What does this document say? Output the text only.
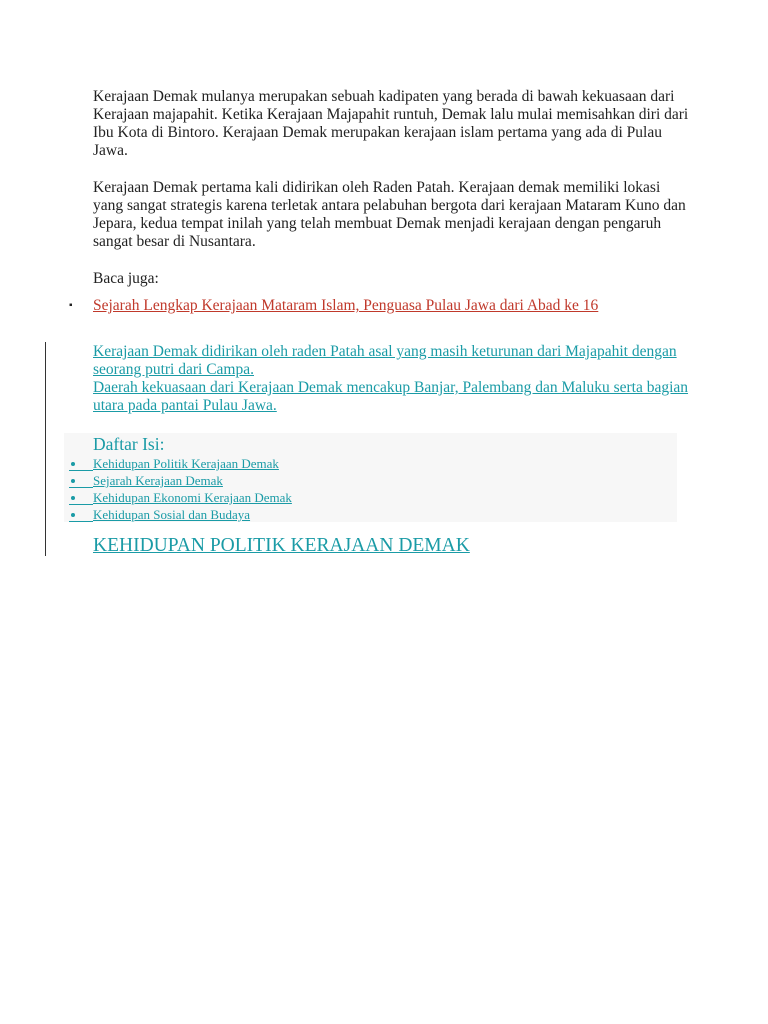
Kerajaan Demak mulanya merupakan sebuah kadipaten yang berada di bawah kekuasaan dari Kerajaan majapahit. Ketika Kerajaan Majapahit runtuh, Demak lalu mulai memisahkan diri dari Ibu Kota di Bintoro. Kerajaan Demak merupakan kerajaan islam pertama yang ada di Pulau Jawa.

Kerajaan Demak pertama kali didirikan oleh Raden Patah. Kerajaan demak memiliki lokasi yang sangat strategis karena terletak antara pelabuhan bergota dari kerajaan Mataram Kuno dan Jepara, kedua tempat inilah yang telah membuat Demak menjadi kerajaan dengan pengaruh sangat besar di Nusantara.

Baca juga:

▪ Sejarah Lengkap Kerajaan Mataram Islam, Penguasa Pulau Jawa dari Abad ke 16
Kerajaan Demak didirikan oleh raden Patah asal yang masih keturunan dari Majapahit dengan seorang putri dari Campa.
Daerah kekuasaan dari Kerajaan Demak mencakup Banjar, Palembang dan Maluku serta bagian utara pada pantai Pulau Jawa.
Daftar Isi:
Kehidupan Politik Kerajaan Demak
Sejarah Kerajaan Demak
Kehidupan Ekonomi Kerajaan Demak
Kehidupan Sosial dan Budaya
KEHIDUPAN POLITIK KERAJAAN DEMAK
